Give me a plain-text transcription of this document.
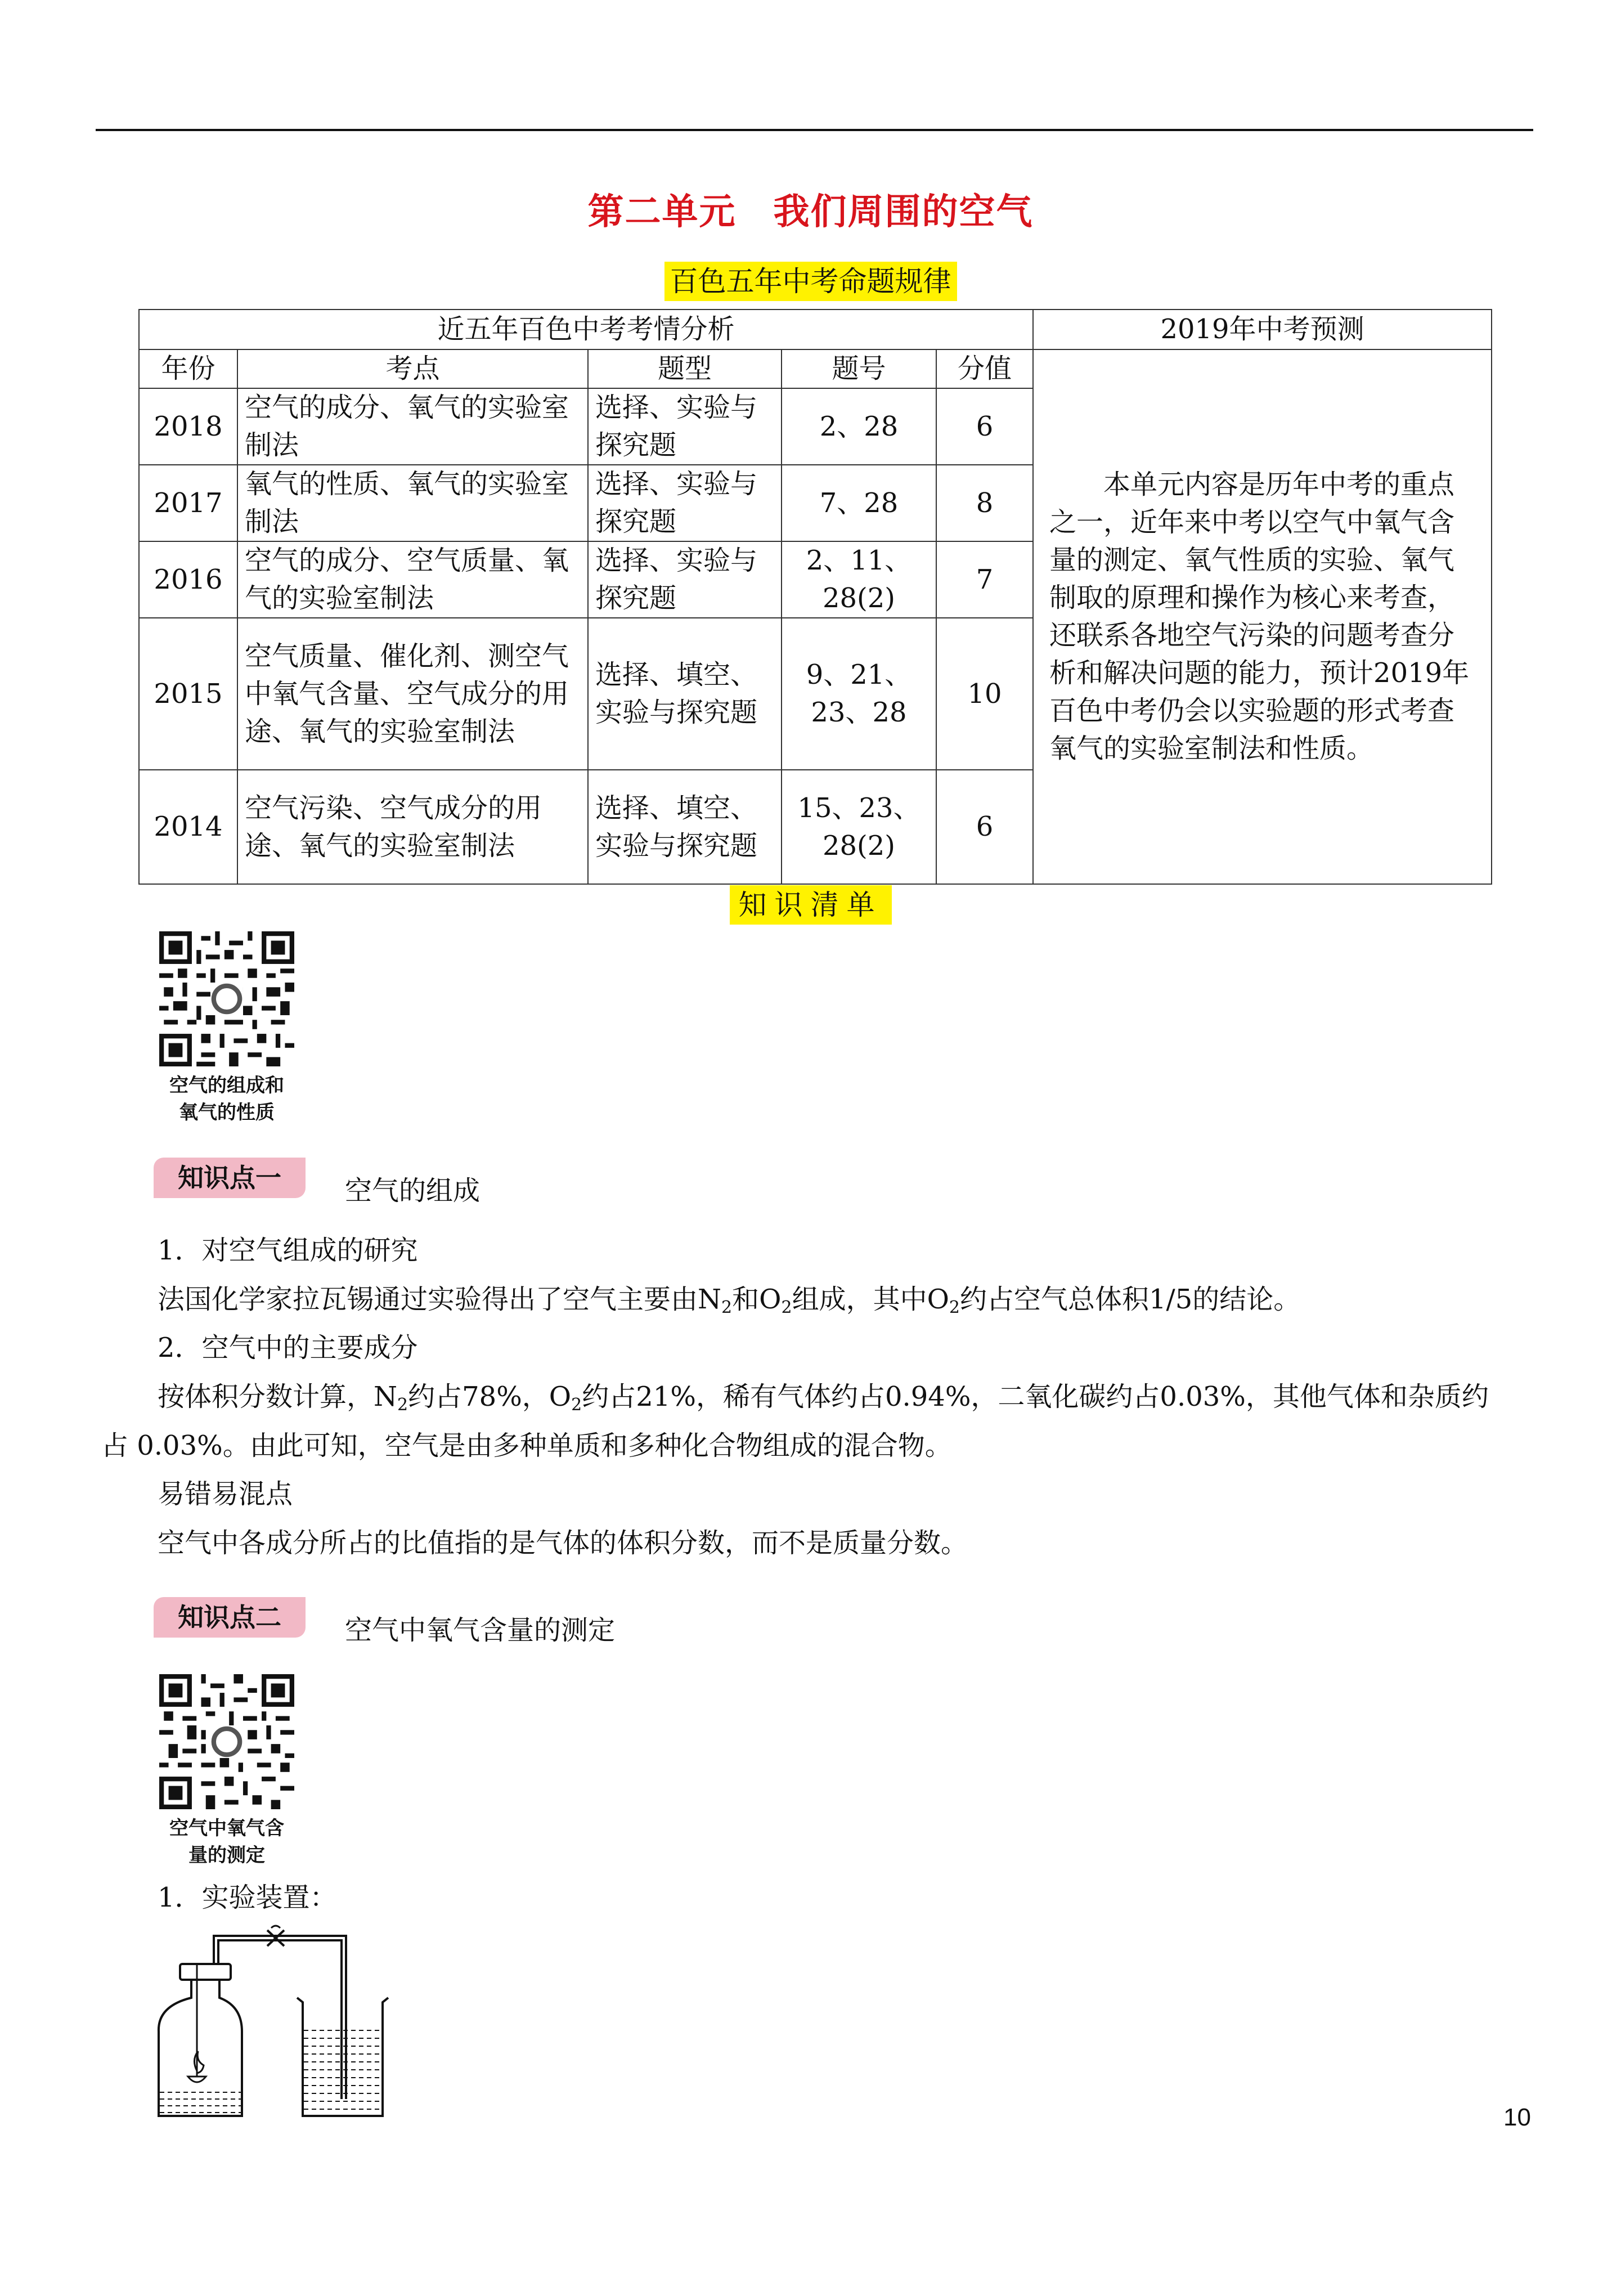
第二单元　我们周围的空气
百色五年中考命题规律
近五年百色中考考情分析					2019年中考预测
年份	考点	题型	题号	分值	本单元内容是历年中考的重点之一，近年来中考以空气中氧气含量的测定、氧气性质的实验、氧气制取的原理和操作为核心来考查，还联系各地空气污染的问题考查分析和解决问题的能力，预计2019年百色中考仍会以实验题的形式考查氧气的实验室制法和性质。

2018	空气的成分、氧气的实验室制法	选择、实验与探究题	2、28	6	
2017	氧气的性质、氧气的实验室制法	选择、实验与探究题	7、28	8	
2016	空气的成分、空气质量、氧气的实验室制法	选择、实验与探究题	2、11、28(2)	7	
2015	空气质量、催化剂、测空气中氧气含量、空气成分的用途、氧气的实验室制法	选择、填空、实验与探究题	9、21、23、28	10	
2014	空气污染、空气成分的用途、氧气的实验室制法	选择、填空、实验与探究题	15、23、28(2)	6	
知识清单
空气的组成和
氧气的性质
知识点一	空气的组成
1．对空气组成的研究
法国化学家拉瓦锡通过实验得出了空气主要由$N_2$和$O_2$组成，其中$O_2$约占空气总体积1/5的结论。
2．空气中的主要成分
按体积分数计算，$N_2$约占78%，$O_2$约占21%，稀有气体约占0.94%，二氧化碳约占0.03%，其他气体和杂质约
占 0.03%。由此可知，空气是由多种单质和多种化合物组成的混合物。
易错易混点
空气中各成分所占的比值指的是气体的体积分数，而不是质量分数。
知识点二	空气中氧气含量的测定
空气中氧气含
量的测定
1．实验装置：
10
